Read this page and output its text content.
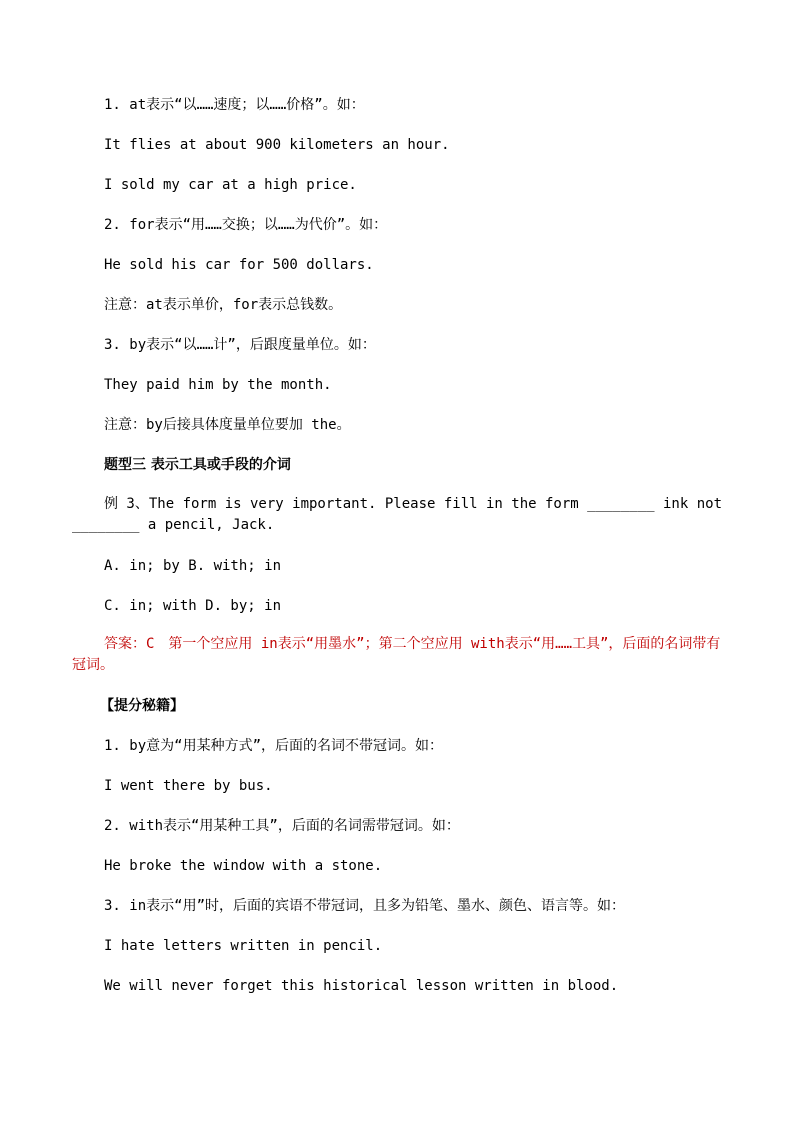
1. at表示“以……速度；以……价格”。如：
It flies at about 900 kilometers an hour.
I sold my car at a high price.
2. for表示“用……交换；以……为代价”。如：
He sold his car for 500 dollars.
注意：at表示单价，for表示总钱数。
3. by表示“以……计”，后跟度量单位。如：
They paid him by the month.
注意：by后接具体度量单位要加 the。
题型三 表示工具或手段的介词
例 3、The form is very important. Please fill in the form ________ ink not ________ a pencil, Jack.
A. in; by B. with; in
C. in; with D. by; in
答案：C　第一个空应用 in表示“用墨水”；第二个空应用 with表示“用……工具”，后面的名词带有冠词。
【提分秘籍】
1. by意为“用某种方式”，后面的名词不带冠词。如：
I went there by bus.
2. with表示“用某种工具”，后面的名词需带冠词。如：
He broke the window with a stone.
3. in表示“用”时，后面的宾语不带冠词，且多为铅笔、墨水、颜色、语言等。如：
I hate letters written in pencil.
We will never forget this historical lesson written in blood.
